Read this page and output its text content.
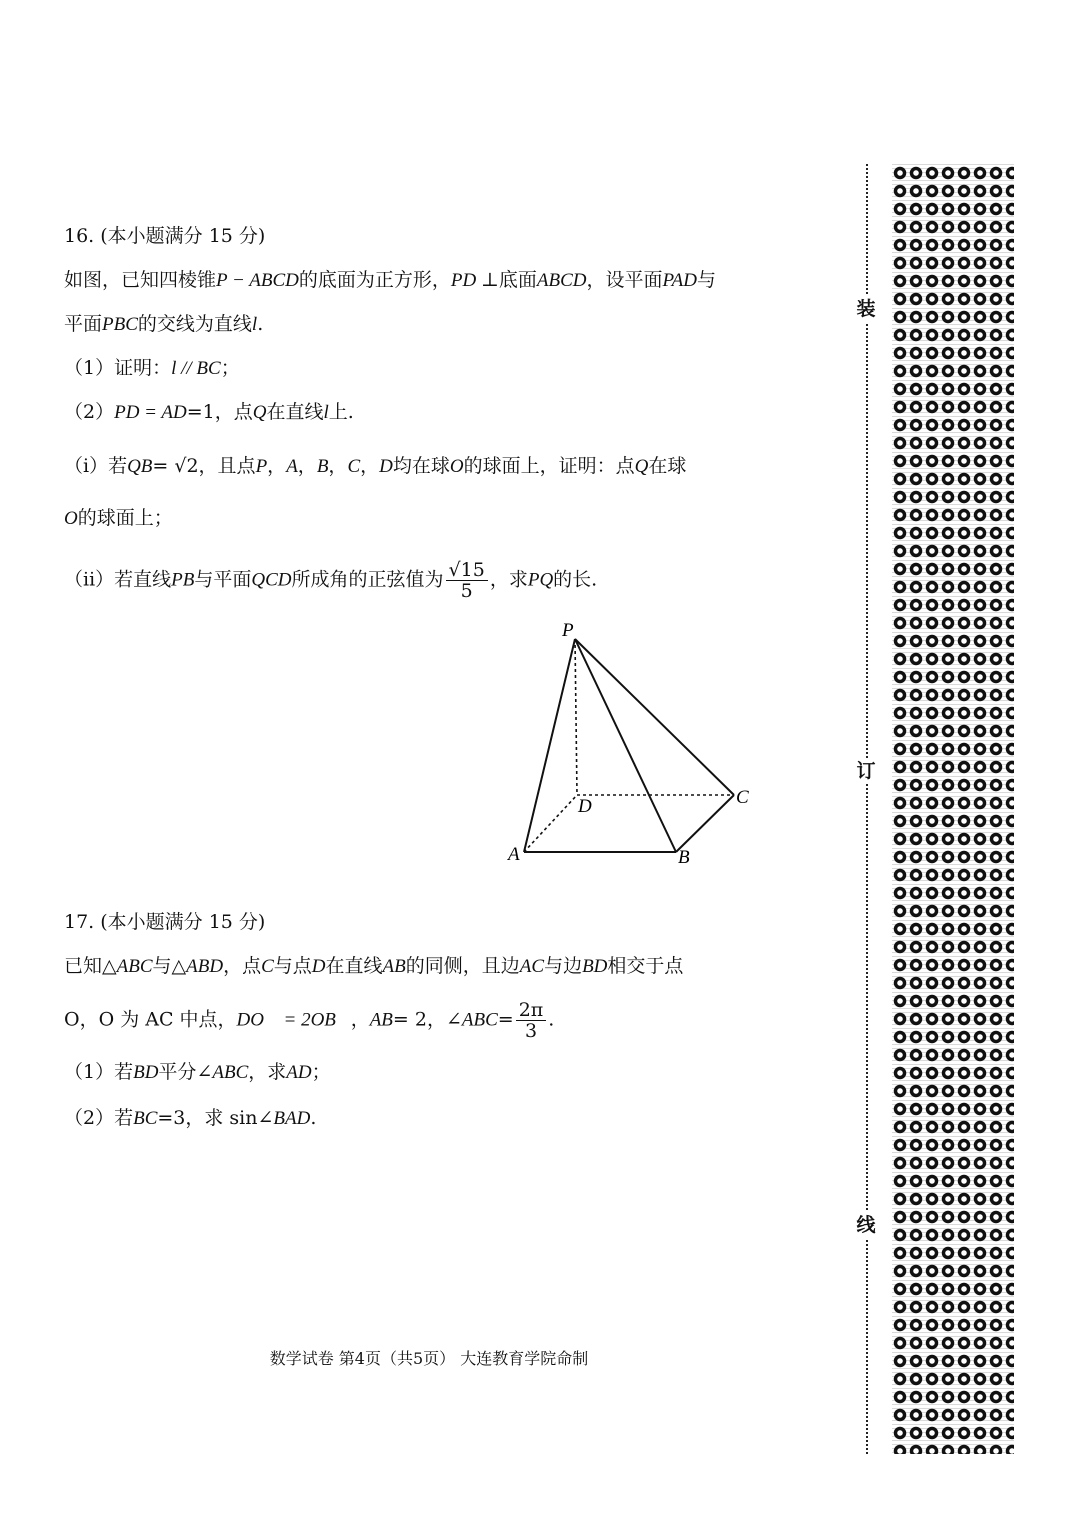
16. (本小题满分 15 分)
如图，已知四棱锥P − ABCD的底面为正方形，PD ⊥底面ABCD，设平面PAD与
平面PBC的交线为直线l.
（1）证明：l // BC；
（2）PD = AD=1，点Q在直线l上.
（ⅰ）若QB= √2，且点P，A，B，C，D均在球O的球面上，证明：点Q在球
O的球面上；
（ⅱ）若直线PB与平面QCD所成角的正弦值为 $\frac{√15}{5}$ ，求PQ的长.
P
A	B
C
D
17. (本小题满分 15 分)
已知△ABC与△ABD，点C与点D在直线AB的同侧，且边AC与边BD相交于点
O，O 为 AC 中点，DO⃗ = 2OB⃗，AB= 2，∠ABC= $\frac{2\pi}{3}$ .
（1）若BD平分∠ABC，求AD；
（2）若BC=3，求 sin∠BAD.
数学试卷 第4页（共5页） 大连教育学院命制
装
订
线
